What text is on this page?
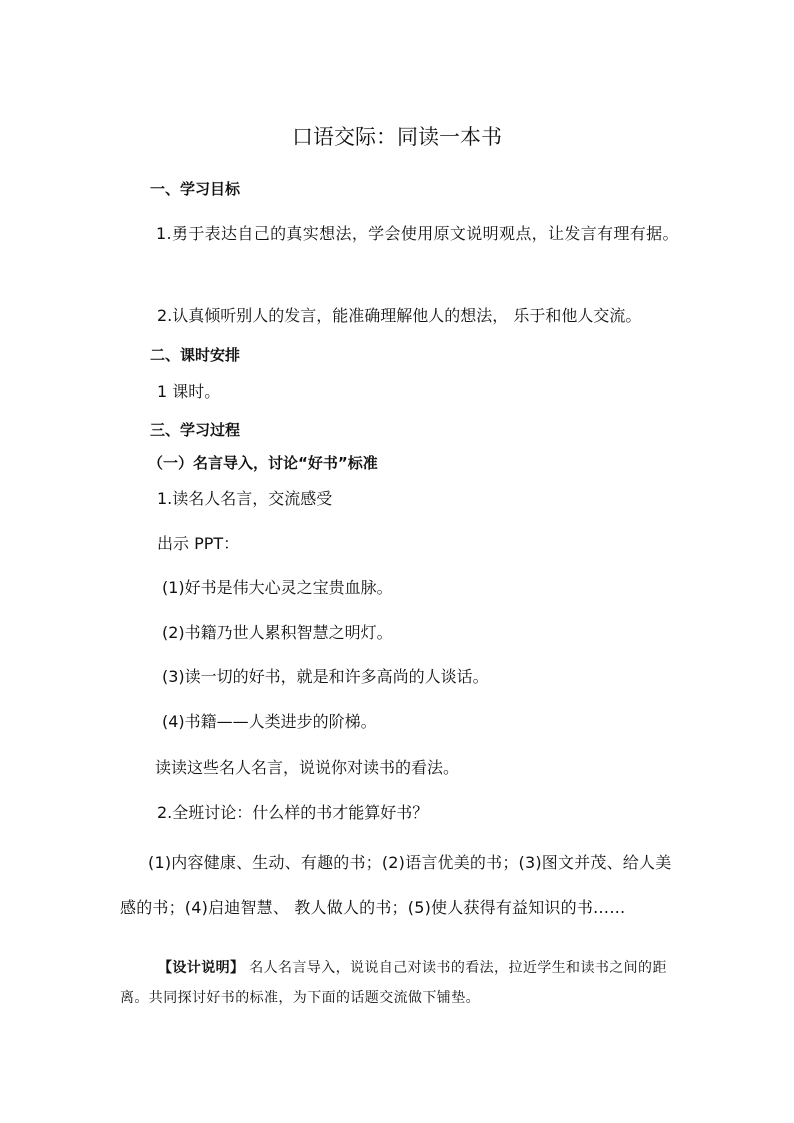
口语交际：同读一本书
一、学习目标
1.勇于表达自己的真实想法，学会使用原文说明观点，让发言有理有据。
2.认真倾听别人的发言，能准确理解他人的想法， 乐于和他人交流。
二、课时安排
1 课时。
三、学习过程
（一）名言导入，讨论“好书”标准
1.读名人名言，交流感受
出示 PPT：
(1)好书是伟大心灵之宝贵血脉。
(2)书籍乃世人累积智慧之明灯。
(3)读一切的好书，就是和许多高尚的人谈话。
(4)书籍——人类进步的阶梯。
读读这些名人名言，说说你对读书的看法。
2.全班讨论：什么样的书才能算好书？
(1)内容健康、生动、有趣的书；(2)语言优美的书；(3)图文并茂、给人美感的书；(4)启迪智慧、 教人做人的书；(5)使人获得有益知识的书……
【设计说明】 名人名言导入，说说自己对读书的看法，拉近学生和读书之间的距离。共同探讨好书的标准，为下面的话题交流做下铺垫。
